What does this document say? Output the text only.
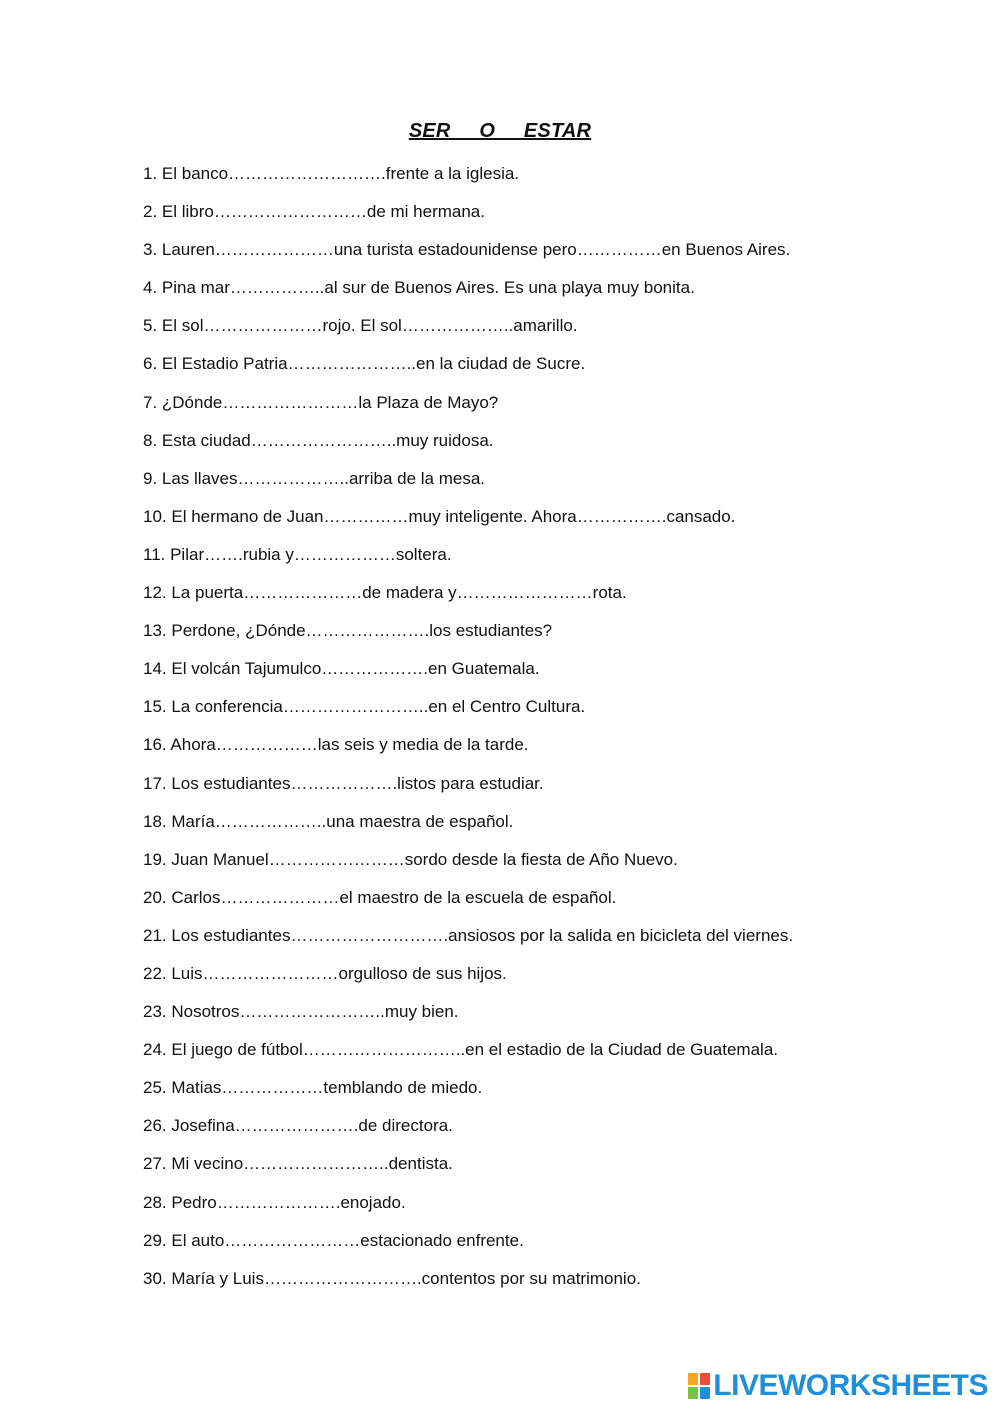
SER     O     ESTAR
1. El banco……………………….frente a la iglesia.
2. El libro………………………de mi hermana.
3. Lauren…………………una turista estadounidense pero……………en Buenos Aires.
4. Pina mar……………..al sur de Buenos Aires. Es una playa muy bonita.
5. El sol…………………rojo. El sol………………..amarillo.
6. El Estadio Patria…………………..en la ciudad de Sucre.
7. ¿Dónde……………………la Plaza de Mayo?
8. Esta ciudad……………………..muy ruidosa.
9. Las llaves………………..arriba de la mesa.
10. El hermano de Juan……………muy inteligente. Ahora…………….cansado.
11. Pilar…….rubia y………………soltera.
12. La puerta…………………de madera y……………………rota.
13. Perdone, ¿Dónde………………….los estudiantes?
14. El volcán Tajumulco……………….en Guatemala.
15. La conferencia……………………..en el Centro Cultura.
16. Ahora………………las seis y media de la tarde.
17. Los estudiantes……………….listos para estudiar.
18. María………………..una maestra de español.
19. Juan Manuel……………………sordo desde la fiesta de Año Nuevo.
20. Carlos…………………el maestro de la escuela de español.
21. Los estudiantes……………………….ansiosos por la salida en bicicleta del viernes.
22. Luis……………………orgulloso de sus hijos.
23. Nosotros……………………..muy bien.
24. El juego de fútbol………………………..en el estadio de la Ciudad de Guatemala.
25. Matias………………temblando de miedo.
26. Josefina………………….de directora.
27. Mi vecino……………………..dentista.
28. Pedro………………….enojado.
29. El auto……………………estacionado enfrente.
30. María y Luis……………………….contentos por su matrimonio.
LIVEWORKSHEETS
